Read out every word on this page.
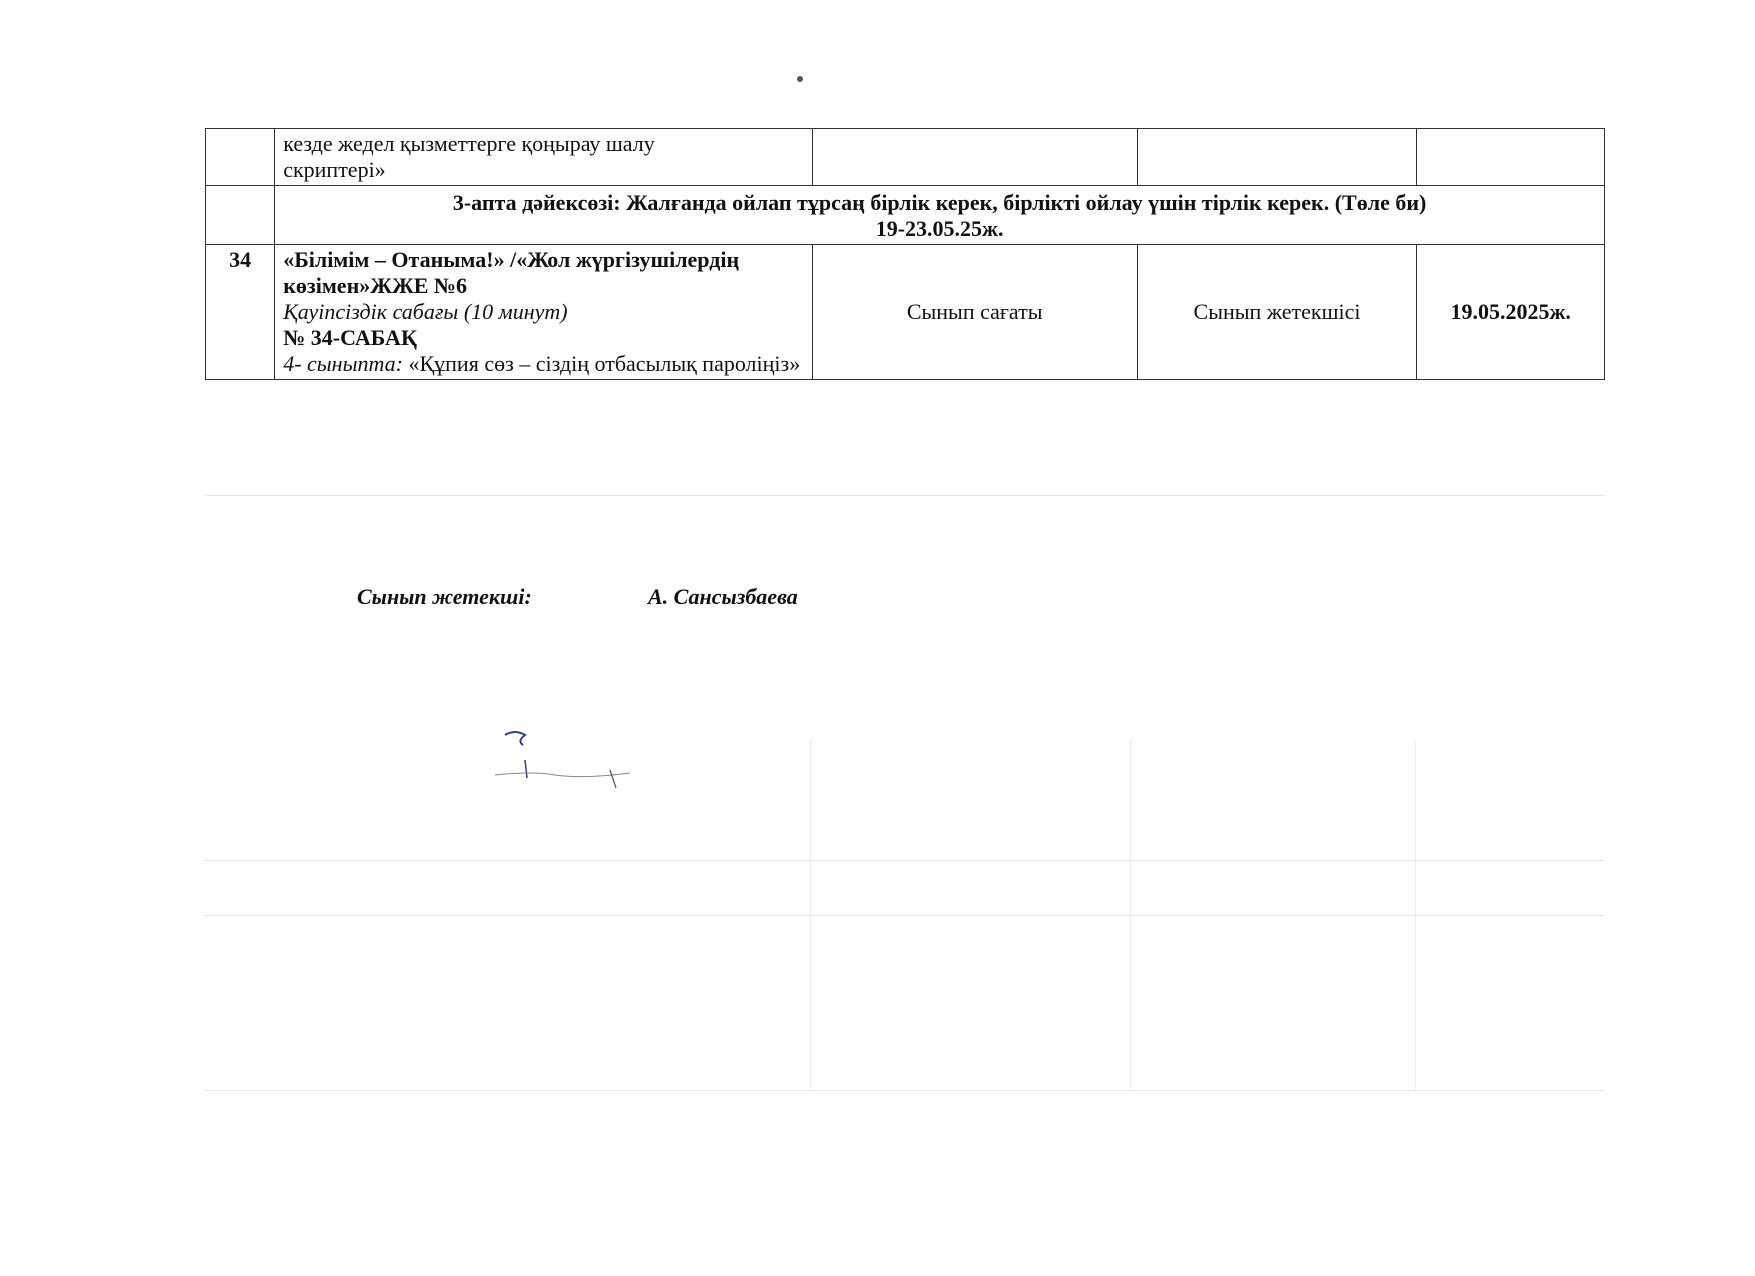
	кезде жедел қызметтерге қоңырау шалу
скриптері»			

	3-апта дәйексөзі: Жалғанда ойлап тұрсаң бірлік керек, бірлікті ойлау үшін тірлік керек. (Төле би)
19-23.05.25ж.			

34	«Білімім – Отаныма!» /«Жол жүргізушілердің көзімен»ЖЖЕ №6
Қауіпсіздік сабағы (10 минут)
№ 34-САБАҚ
4- сыныпта: «Құпия сөз – сіздің отбасылық пароліңіз»	Сынып сағаты	Сынып жетекшісі	19.05.2025ж.
Сынып жетекші:	А. Сансызбаева
